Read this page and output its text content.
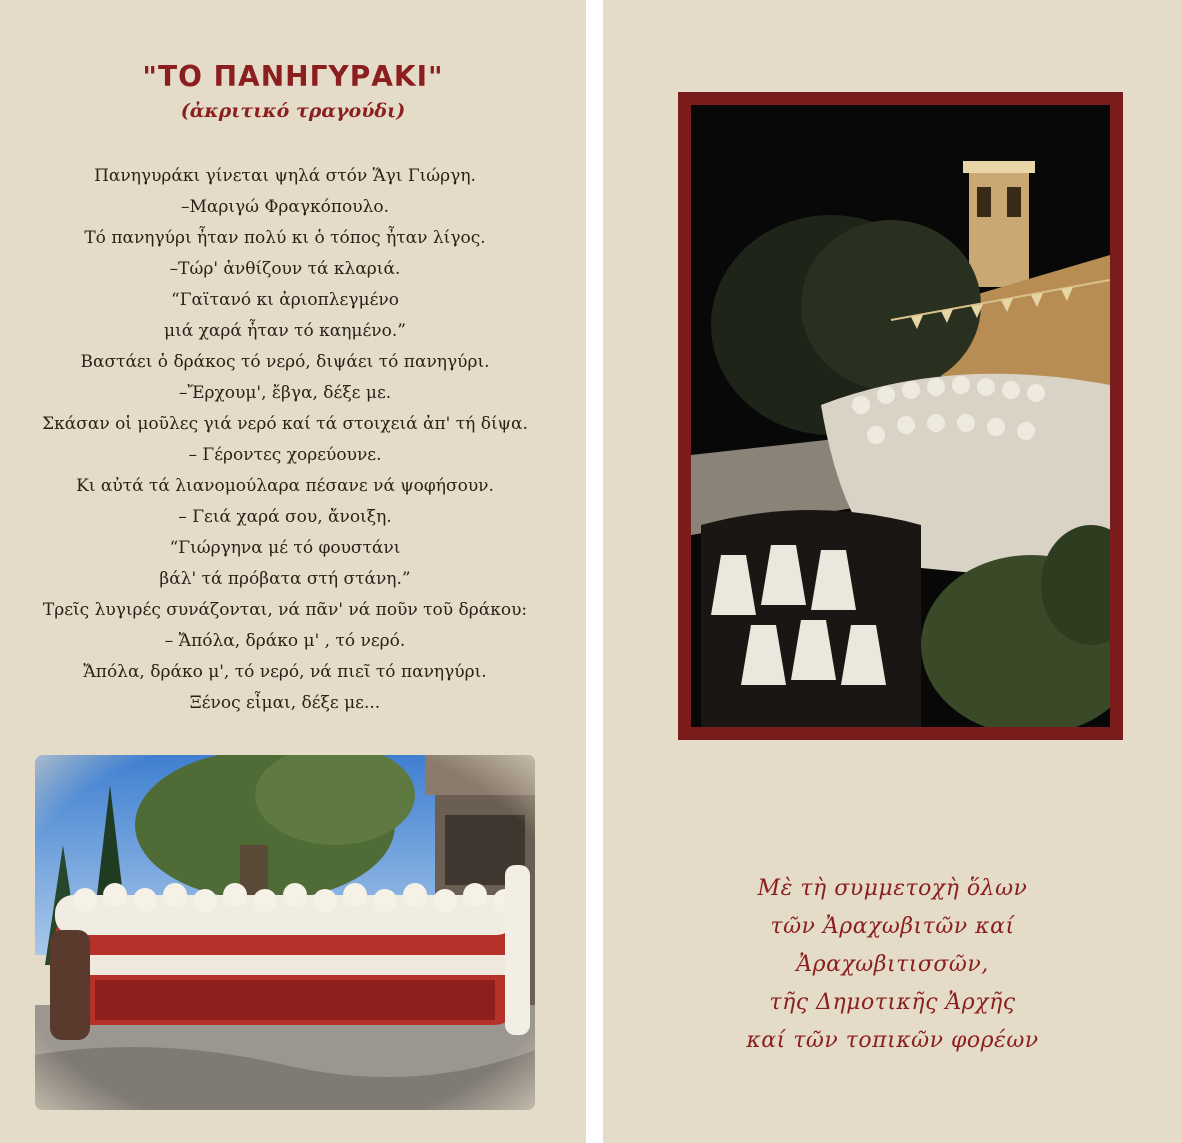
"ΤΟ ΠΑΝΗΓΥΡΑΚΙ"
(ἀκριτικό τραγούδι)
Πανηγυράκι γίνεται ψηλά στόν Ἅγι Γιώργη.
–Μαριγώ Φραγκόπουλο.
Τό πανηγύρι ἦταν πολύ κι ὁ τόπος ἦταν λίγος.
–Τώρ' ἀνθίζουν τά κλαριά.
“Γαϊτανό κι ἀριοπλεγμένο
μιά χαρά ἦταν τό καημένο.”
Βαστάει ὁ δράκος τό νερό, διψάει τό πανηγύρι.
–Ἔρχουμ', ἔβγα, δέξε με.
Σκάσαν οἱ μοῦλες γιά νερό καί τά στοιχειά ἀπ' τή δίψα.
– Γέροντες χορεύουνε.
Κι αὐτά τά λιανομούλαρα πέσανε νά ψοφήσουν.
– Γειά χαρά σου, ἄνοιξη.
“Γιώργηνα μέ τό φουστάνι
βάλ' τά πρόβατα στή στάνη.”
Τρεῖς λυγιρές συνάζονται, νά πᾶν' νά ποῦν τοῦ δράκου:
– Ἄπόλα, δράκο μ' , τό νερό.
Ἄπόλα, δράκο μ', τό νερό, νά πιεῖ τό πανηγύρι.
Ξένος εἶμαι, δέξε με...
Μὲ τὴ συμμετοχὴ ὅλων
τῶν Ἀραχωβιτῶν καί
Ἀραχωβιτισσῶν,
τῆς Δημοτικῆς Ἀρχῆς
καί τῶν τοπικῶν φορέων
